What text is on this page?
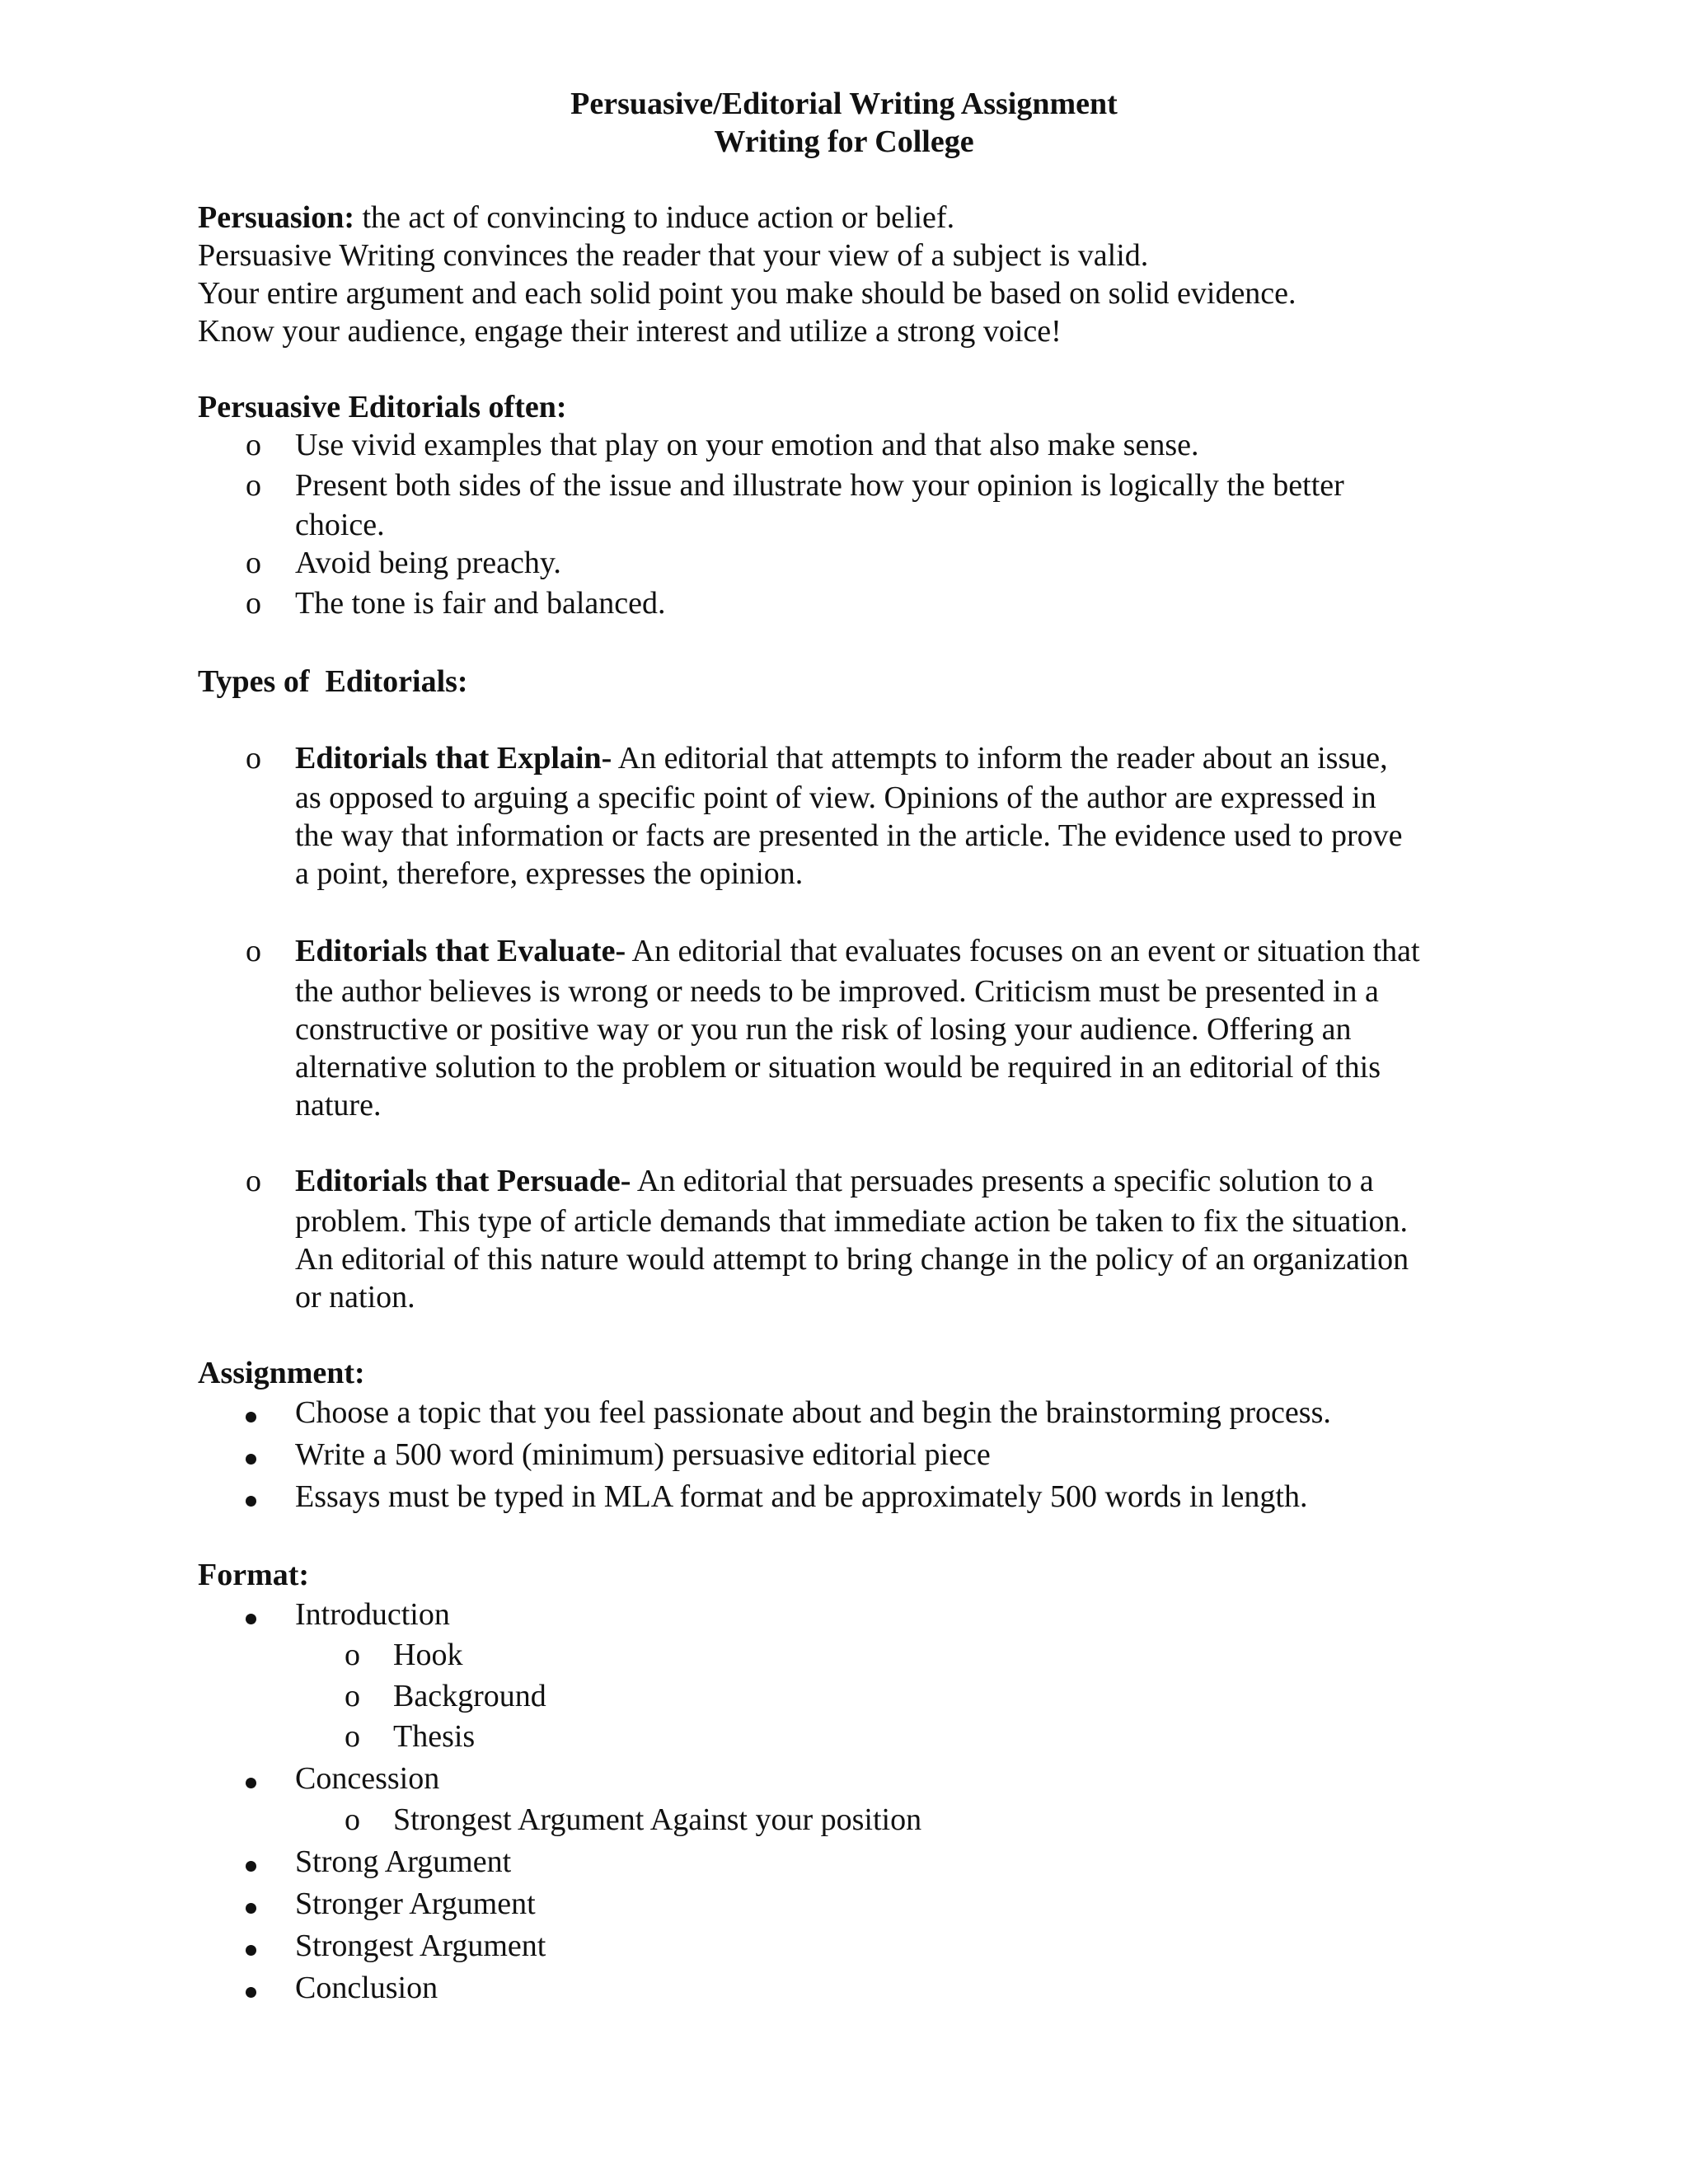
Persuasive/Editorial Writing Assignment
Writing for College
Persuasion: the act of convincing to induce action or belief.
Persuasive Writing convinces the reader that your view of a subject is valid.
Your entire argument and each solid point you make should be based on solid evidence.
Know your audience, engage their interest and utilize a strong voice!
Persuasive Editorials often:
o Use vivid examples that play on your emotion and that also make sense.
o Present both sides of the issue and illustrate how your opinion is logically the better
choice.
o Avoid being preachy.
o The tone is fair and balanced.
Types of  Editorials:
o Editorials that Explain- An editorial that attempts to inform the reader about an issue,
as opposed to arguing a specific point of view. Opinions of the author are expressed in
the way that information or facts are presented in the article. The evidence used to prove
a point, therefore, expresses the opinion.
o Editorials that Evaluate- An editorial that evaluates focuses on an event or situation that
the author believes is wrong or needs to be improved. Criticism must be presented in a
constructive or positive way or you run the risk of losing your audience. Offering an
alternative solution to the problem or situation would be required in an editorial of this
nature.
o Editorials that Persuade- An editorial that persuades presents a specific solution to a
problem. This type of article demands that immediate action be taken to fix the situation.
An editorial of this nature would attempt to bring change in the policy of an organization
or nation.
Assignment:
Choose a topic that you feel passionate about and begin the brainstorming process.
Write a 500 word (minimum) persuasive editorial piece
Essays must be typed in MLA format and be approximately 500 words in length.
Format:
Introduction
o Hook
o Background
o Thesis
Concession
o Strongest Argument Against your position
Strong Argument
Stronger Argument
Strongest Argument
Conclusion
